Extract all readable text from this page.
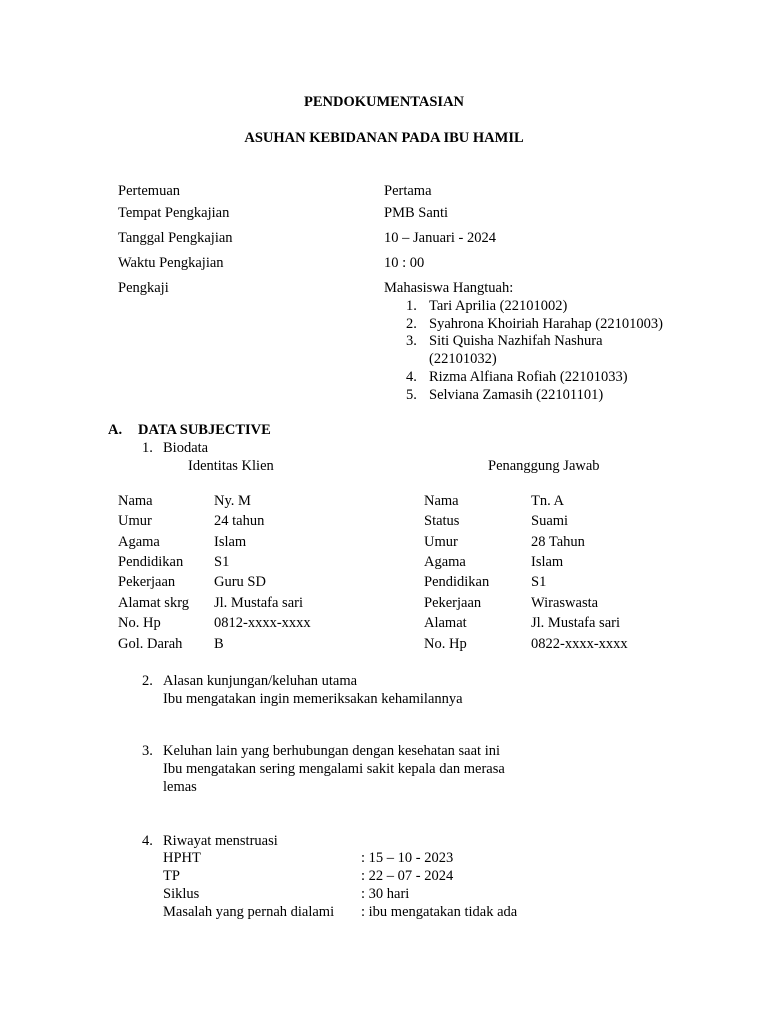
PENDOKUMENTASIAN
ASUHAN KEBIDANAN PADA IBU HAMIL
Pertemuan	Pertama
Tempat Pengkajian	PMB Santi
Tanggal Pengkajian	10 – Januari - 2024
Waktu Pengkajian	10 : 00
Pengkaji	Mahasiswa Hangtuah:
1. Tari Aprilia (22101002)
2. Syahrona Khoiriah Harahap (22101003)
3. Siti Quisha Nazhifah Nashura
(22101032)
4. Rizma Alfiana Rofiah (22101033)
5. Selviana Zamasih (22101101)
A. DATA SUBJECTIVE
1. Biodata
Identitas Klien	Penanggung Jawab
Nama	Ny. M
Umur	24 tahun
Agama	Islam
Pendidikan S1
Pekerjaan	Guru SD
Alamat skrg Jl. Mustafa sari
No. Hp	0812-xxxx-xxxx
Gol. Darah B
Nama	Tn. A
Status	Suami
Umur	28 Tahun
Agama	Islam
Pendidikan	S1
Pekerjaan	Wiraswasta
Alamat	Jl. Mustafa sari
No. Hp	0822-xxxx-xxxx
2. Alasan kunjungan/keluhan utama
Ibu mengatakan ingin memeriksakan kehamilannya
3. Keluhan lain yang berhubungan dengan kesehatan saat ini
Ibu mengatakan sering mengalami sakit kepala dan merasa
lemas
4. Riwayat menstruasi
HPHT	: 15 – 10 - 2023
TP	: 22 – 07 - 2024
Siklus	: 30 hari
Masalah yang pernah dialami : ibu mengatakan tidak ada
